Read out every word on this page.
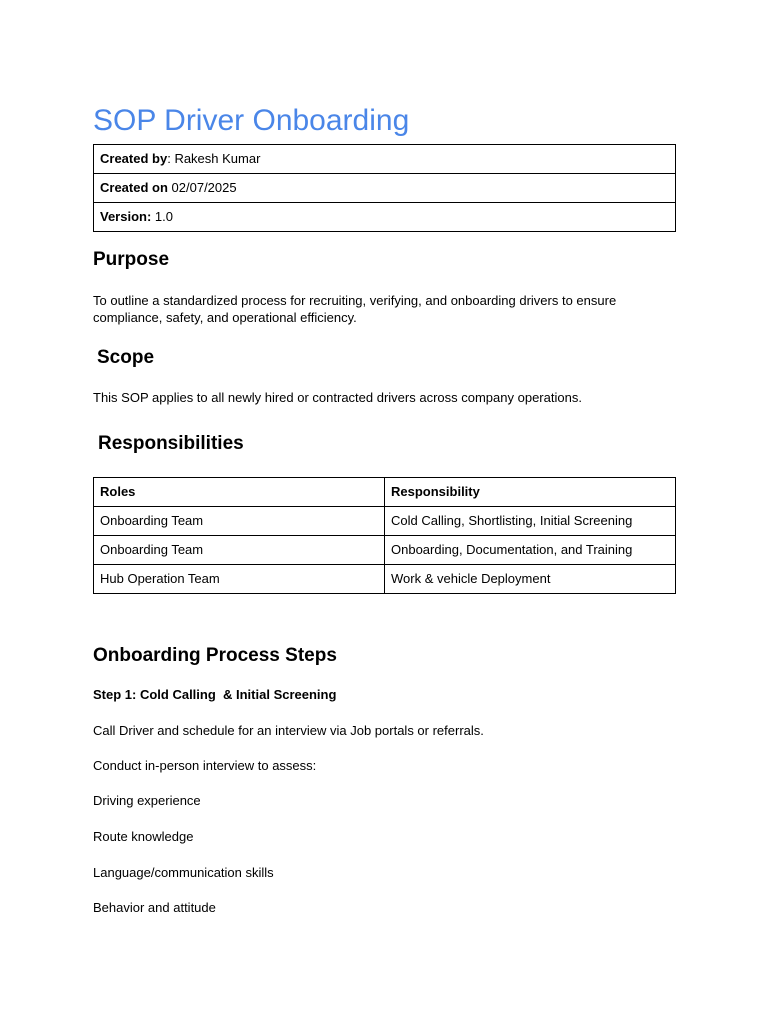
SOP Driver Onboarding
Created by: Rakesh Kumar
Created on 02/07/2025
Version: 1.0
Purpose

To outline a standardized process for recruiting, verifying, and onboarding drivers to ensure compliance, safety, and operational efficiency.

Scope

This SOP applies to all newly hired or contracted drivers across company operations.

Responsibilities
Roles	Responsibility
Onboarding Team	Cold Calling, Shortlisting, Initial Screening
Onboarding Team	Onboarding, Documentation, and Training
Hub Operation Team	Work & vehicle Deployment
Onboarding Process Steps

Step 1: Cold Calling  & Initial Screening

Call Driver and schedule for an interview via Job portals or referrals.

Conduct in-person interview to assess:

Driving experience

Route knowledge

Language/communication skills

Behavior and attitude
